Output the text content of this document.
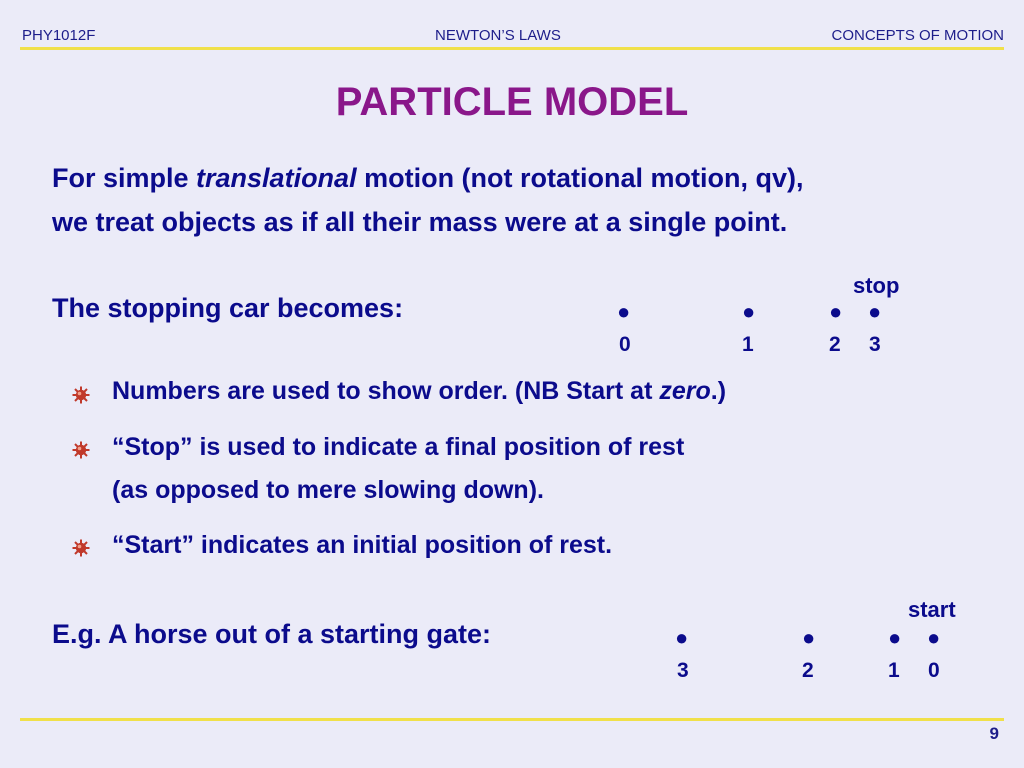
PHY1012F	NEWTON’S LAWS	CONCEPTS OF MOTION
PARTICLE MODEL
For simple translational motion (not rotational motion, qv),
we treat objects as if all their mass were at a single point.
stop
The stopping car becomes:	●	●	● ●
0	1	2 3
Numbers are used to show order. (NB Start at zero.)
“Stop” is used to indicate a final position of rest
(as opposed to mere slowing down).
“Start” indicates an initial position of rest.
start
E.g. A horse out of a starting gate:	●	●	● ●
3	2	1 0
9
